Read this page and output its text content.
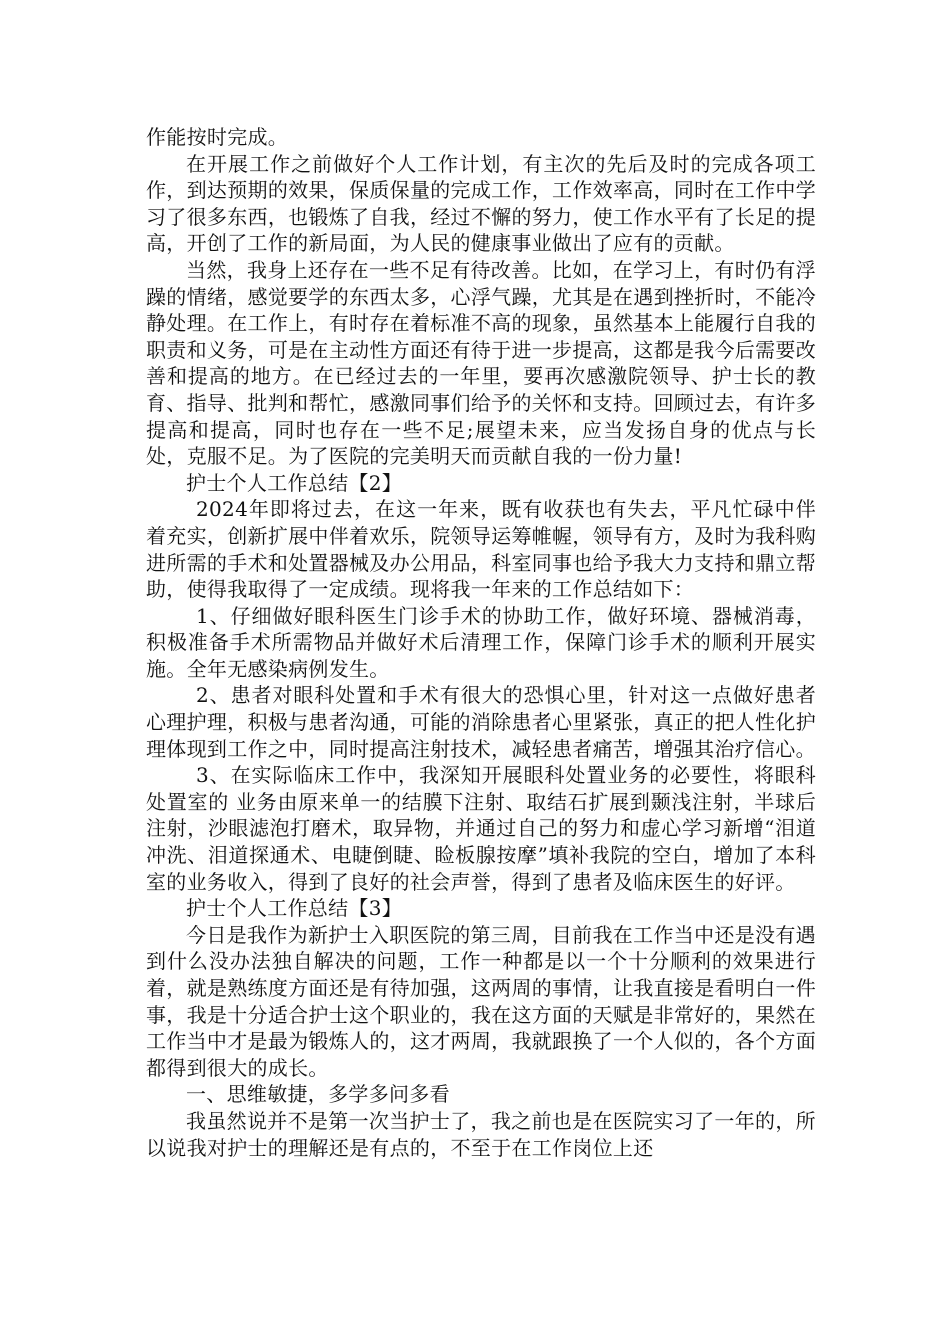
作能按时完成。

在开展工作之前做好个人工作计划，有主次的先后及时的完成各项工作，到达预期的效果，保质保量的完成工作，工作效率高，同时在工作中学习了很多东西，也锻炼了自我，经过不懈的努力，使工作水平有了长足的提高，开创了工作的新局面，为人民的健康事业做出了应有的贡献。

当然，我身上还存在一些不足有待改善。比如，在学习上，有时仍有浮躁的情绪，感觉要学的东西太多，心浮气躁，尤其是在遇到挫折时，不能冷静处理。在工作上，有时存在着标准不高的现象，虽然基本上能履行自我的职责和义务，可是在主动性方面还有待于进一步提高，这都是我今后需要改善和提高的地方。在已经过去的一年里，要再次感激院领导、护士长的教育、指导、批判和帮忙，感激同事们给予的关怀和支持。回顾过去，有许多提高和提高，同时也存在一些不足;展望未来，应当发扬自身的优点与长处，克服不足。为了医院的完美明天而贡献自我的一份力量!

护士个人工作总结【2】

2024年即将过去，在这一年来，既有收获也有失去，平凡忙碌中伴着充实，创新扩展中伴着欢乐，院领导运筹帷幄，领导有方，及时为我科购进所需的手术和处置器械及办公用品，科室同事也给予我大力支持和鼎立帮助，使得我取得了一定成绩。现将我一年来的工作总结如下：

1、仔细做好眼科医生门诊手术的协助工作，做好环境、器械消毒，积极准备手术所需物品并做好术后清理工作，保障门诊手术的顺利开展实施。全年无感染病例发生。

2、患者对眼科处置和手术有很大的恐惧心里，针对这一点做好患者心理护理，积极与患者沟通，可能的消除患者心里紧张，真正的把人性化护理体现到工作之中，同时提高注射技术，减轻患者痛苦，增强其治疗信心。

3、在实际临床工作中，我深知开展眼科处置业务的必要性，将眼科处置室的 业务由原来单一的结膜下注射、取结石扩展到颞浅注射，半球后注射，沙眼滤泡打磨术，取异物，并通过自己的努力和虚心学习新增“泪道冲洗、泪道探通术、电睫倒睫、睑板腺按摩”填补我院的空白，增加了本科室的业务收入，得到了良好的社会声誉，得到了患者及临床医生的好评。

护士个人工作总结【3】

今日是我作为新护士入职医院的第三周，目前我在工作当中还是没有遇到什么没办法独自解决的问题，工作一种都是以一个十分顺利的效果进行着，就是熟练度方面还是有待加强，这两周的事情，让我直接是看明白一件事，我是十分适合护士这个职业的，我在这方面的天赋是非常好的，果然在工作当中才是最为锻炼人的，这才两周，我就跟换了一个人似的，各个方面都得到很大的成长。

一、思维敏捷，多学多问多看

我虽然说并不是第一次当护士了，我之前也是在医院实习了一年的，所以说我对护士的理解还是有点的，不至于在工作岗位上还
